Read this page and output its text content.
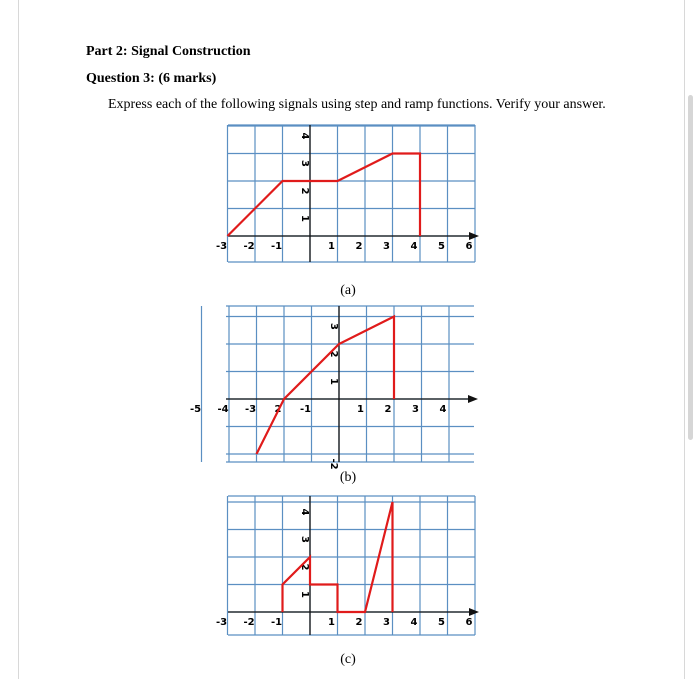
Part 2: Signal Construction
Question 3: (6 marks)
Express each of the following signals using step and ramp functions. Verify your answer.
-3 -2 -1	1 2 3 4 5 6
1
2
3
4
-5 -4 -3 2 -1	1 2 3 4
-2
1
2
3
-3 -2 -1	1 2 3 4 5 6
1
2
3
4
(a)
(b)
(c)
